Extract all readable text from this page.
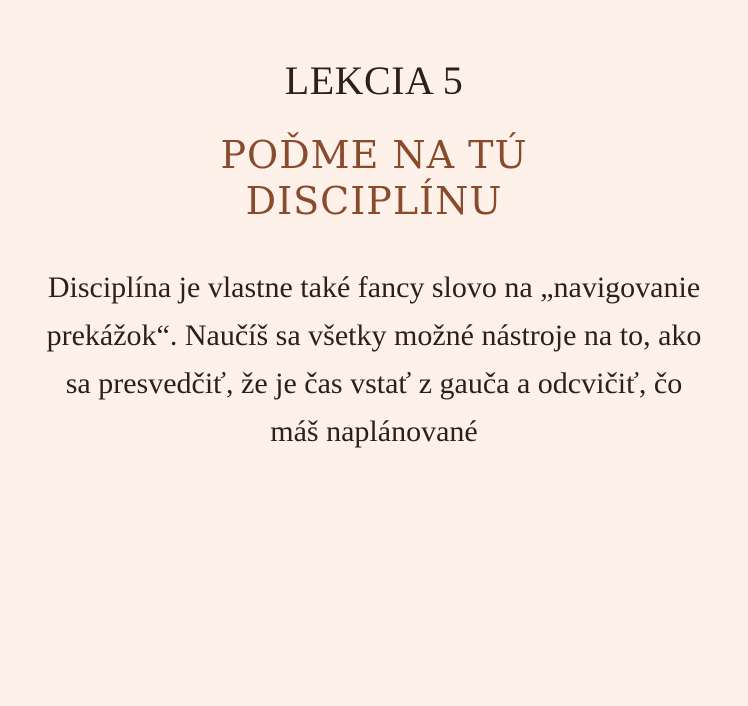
LEKCIA 5
POĎME NA TÚ DISCIPLÍNU
Disciplína je vlastne také fancy slovo na „navigovanie prekážok“. Naučíš sa všetky možné nástroje na to, ako sa presvedčiť, že je čas vstať z gauča a odcvičiť, čo máš naplánované
